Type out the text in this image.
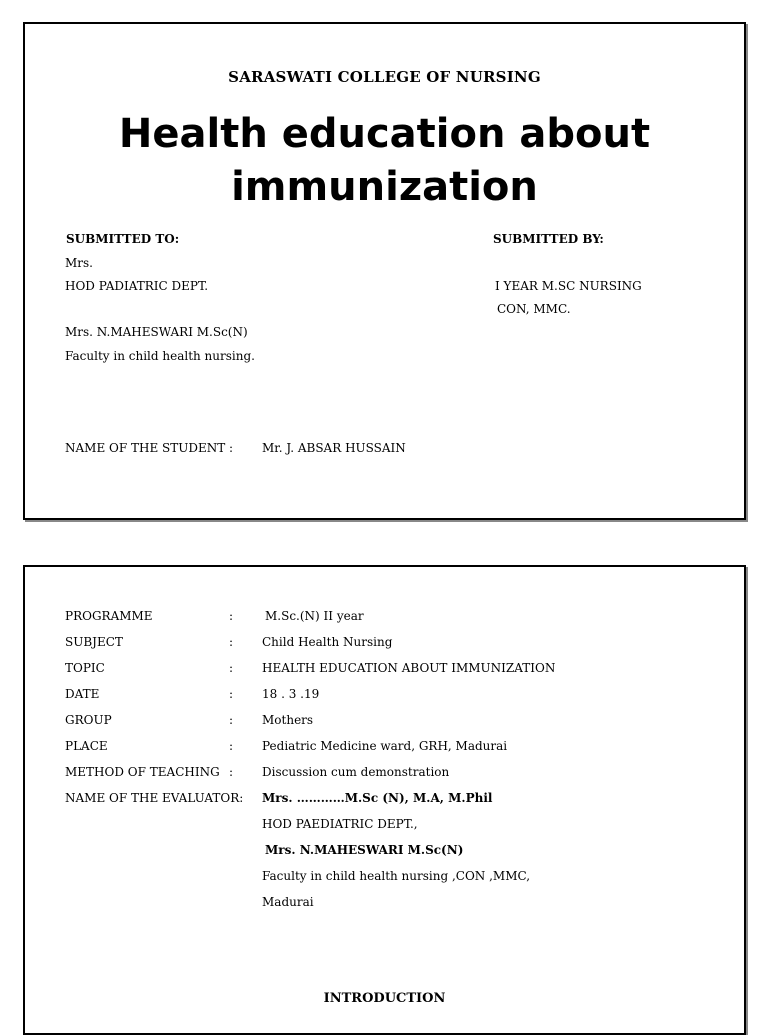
SARASWATI COLLEGE OF NURSING
Health education about immunization
SUBMITTED TO:
Mrs.
HOD PADIATRIC DEPT.
Mrs. N.MAHESWARI M.Sc(N)
Faculty in child health nursing.
SUBMITTED BY:
I YEAR M.SC NURSING
CON, MMC.
NAME OF THE STUDENT : Mr. J. ABSAR HUSSAIN
PROGRAMME	:	M.Sc.(N) II year
SUBJECT	: Child Health Nursing
TOPIC	: HEALTH EDUCATION ABOUT IMMUNIZATION
DATE	: 18 . 3 .19
GROUP	: Mothers
PLACE	: Pediatric Medicine ward, GRH, Madurai
METHOD OF TEACHING : Discussion cum demonstration
NAME OF THE EVALUATOR: Mrs. …………M.Sc (N), M.A, M.Phil
HOD PAEDIATRIC DEPT.,
Mrs. N.MAHESWARI M.Sc(N)
Faculty in child health nursing ,CON ,MMC,
Madurai
INTRODUCTION
